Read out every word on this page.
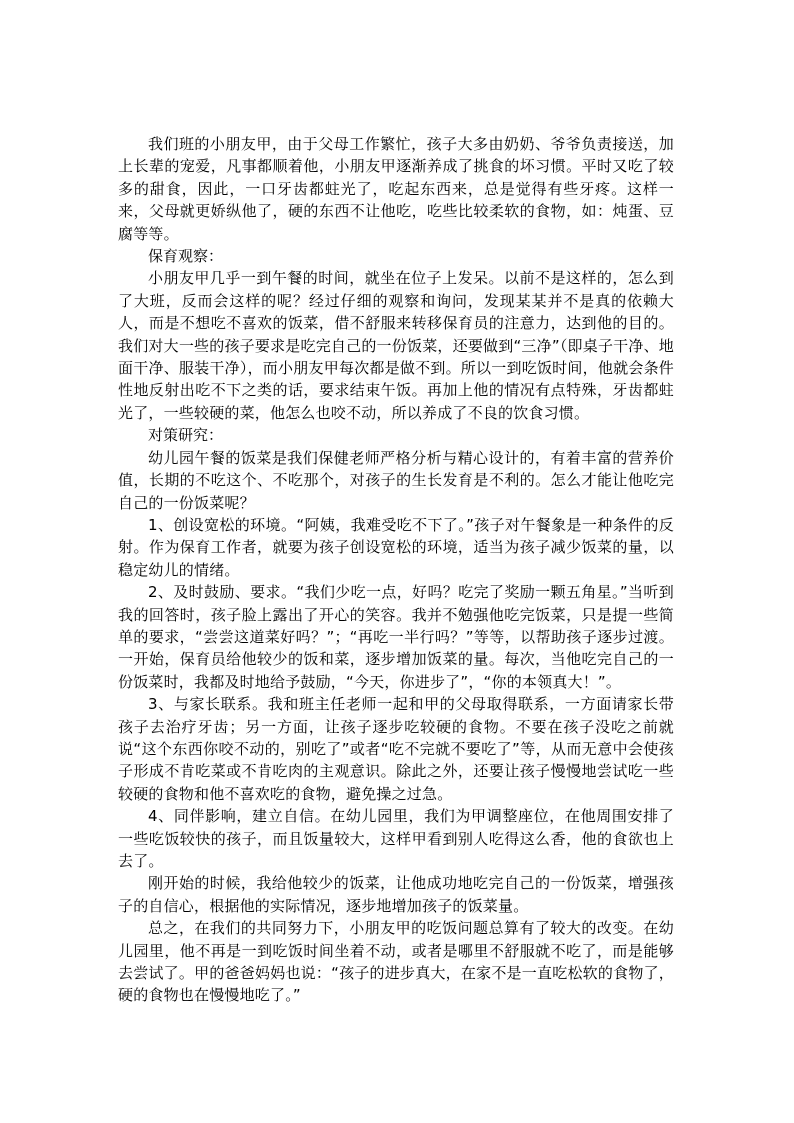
我们班的小朋友甲，由于父母工作繁忙，孩子大多由奶奶、爷爷负责接送，加上长辈的宠爱，凡事都顺着他，小朋友甲逐渐养成了挑食的坏习惯。平时又吃了较多的甜食，因此，一口牙齿都蛀光了，吃起东西来，总是觉得有些牙疼。这样一来，父母就更娇纵他了，硬的东西不让他吃，吃些比较柔软的食物，如：炖蛋、豆腐等等。

保育观察：

小朋友甲几乎一到午餐的时间，就坐在位子上发呆。以前不是这样的，怎么到了大班，反而会这样的呢？经过仔细的观察和询问，发现某某并不是真的依赖大人，而是不想吃不喜欢的饭菜，借不舒服来转移保育员的注意力，达到他的目的。我们对大一些的孩子要求是吃完自己的一份饭菜，还要做到“三净”（即桌子干净、地面干净、服装干净），而小朋友甲每次都是做不到。所以一到吃饭时间，他就会条件性地反射出吃不下之类的话，要求结束午饭。再加上他的情况有点特殊，牙齿都蛀光了，一些较硬的菜，他怎么也咬不动，所以养成了不良的饮食习惯。

对策研究：

幼儿园午餐的饭菜是我们保健老师严格分析与精心设计的，有着丰富的营养价值，长期的不吃这个、不吃那个，对孩子的生长发育是不利的。怎么才能让他吃完自己的一份饭菜呢？

1、创设宽松的环境。“阿姨，我难受吃不下了。”孩子对午餐象是一种条件的反射。作为保育工作者，就要为孩子创设宽松的环境，适当为孩子减少饭菜的量，以稳定幼儿的情绪。

2、及时鼓励、要求。“我们少吃一点，好吗？吃完了奖励一颗五角星。”当听到我的回答时，孩子脸上露出了开心的笑容。我并不勉强他吃完饭菜，只是提一些简单的要求，“尝尝这道菜好吗？”；“再吃一半行吗？”等等，以帮助孩子逐步过渡。一开始，保育员给他较少的饭和菜，逐步增加饭菜的量。每次，当他吃完自己的一份饭菜时，我都及时地给予鼓励，“今天，你进步了”，“你的本领真大！”。

3、与家长联系。我和班主任老师一起和甲的父母取得联系，一方面请家长带孩子去治疗牙齿；另一方面，让孩子逐步吃较硬的食物。不要在孩子没吃之前就说“这个东西你咬不动的，别吃了”或者“吃不完就不要吃了”等，从而无意中会使孩子形成不肯吃菜或不肯吃肉的主观意识。除此之外，还要让孩子慢慢地尝试吃一些较硬的食物和他不喜欢吃的食物，避免操之过急。

4、同伴影响，建立自信。在幼儿园里，我们为甲调整座位，在他周围安排了一些吃饭较快的孩子，而且饭量较大，这样甲看到别人吃得这么香，他的食欲也上去了。

刚开始的时候，我给他较少的饭菜，让他成功地吃完自己的一份饭菜，增强孩子的自信心，根据他的实际情况，逐步地增加孩子的饭菜量。

总之，在我们的共同努力下，小朋友甲的吃饭问题总算有了较大的改变。在幼儿园里，他不再是一到吃饭时间坐着不动，或者是哪里不舒服就不吃了，而是能够去尝试了。甲的爸爸妈妈也说：“孩子的进步真大，在家不是一直吃松软的食物了，硬的食物也在慢慢地吃了。”
